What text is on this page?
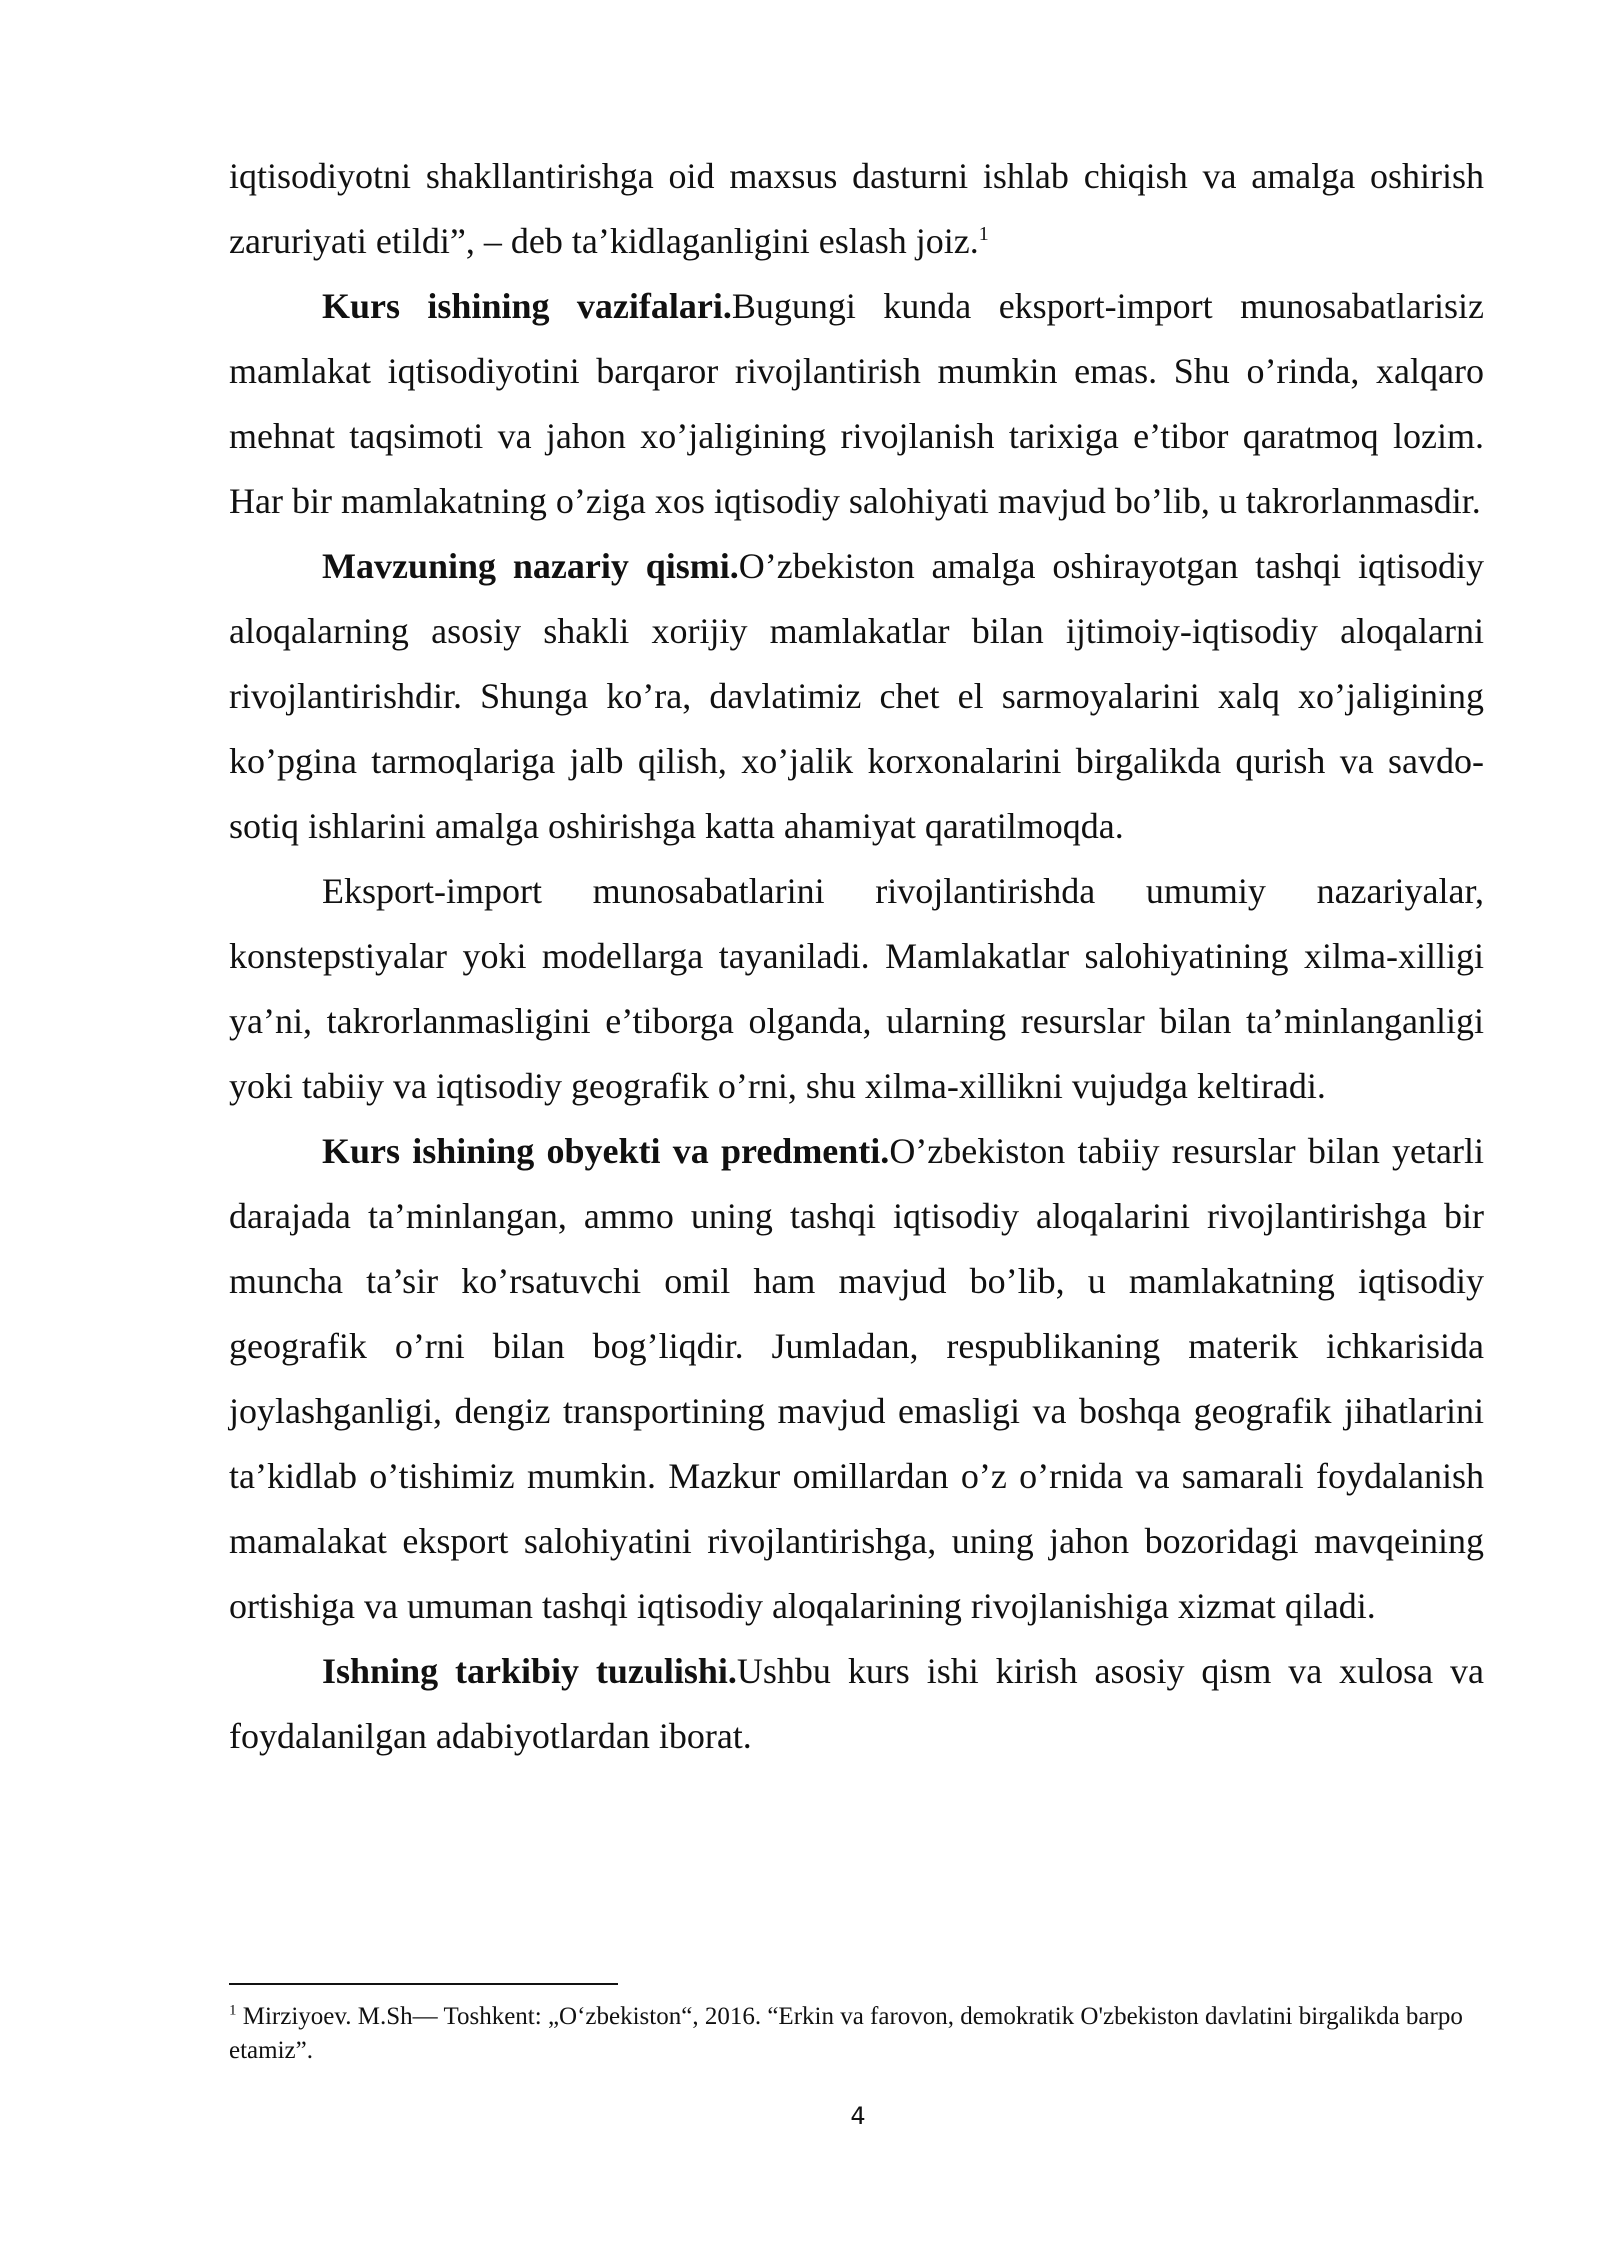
iqtisodiyotni shakllantirishga oid maxsus dasturni ishlab chiqish va amalga oshirish zaruriyati etildi”, – deb ta’kidlaganligini eslash joiz.$^1$

Kurs ishining vazifalari.Bugungi kunda eksport-import munosabatlarisiz mamlakat iqtisodiyotini barqaror rivojlantirish mumkin emas. Shu o’rinda, xalqaro mehnat taqsimoti va jahon xo’jaligining rivojlanish tarixiga e’tibor qaratmoq lozim. Har bir mamlakatning o’ziga xos iqtisodiy salohiyati mavjud bo’lib, u takrorlanmasdir.

Mavzuning nazariy qismi.O’zbekiston amalga oshirayotgan tashqi iqtisodiy aloqalarning asosiy shakli xorijiy mamlakatlar bilan ijtimoiy-iqtisodiy aloqalarni rivojlantirishdir. Shunga ko’ra, davlatimiz chet el sarmoyalarini xalq xo’jaligining ko’pgina tarmoqlariga jalb qilish, xo’jalik korxonalarini birgalikda qurish va savdo-sotiq ishlarini amalga oshirishga katta ahamiyat qaratilmoqda.

Eksport-import munosabatlarini rivojlantirishda umumiy nazariyalar, konstepstiyalar yoki modellarga tayaniladi. Mamlakatlar salohiyatining xilma-xilligi ya’ni, takrorlanmasligini e’tiborga olganda, ularning resurslar bilan ta’minlanganligi yoki tabiiy va iqtisodiy geografik o’rni, shu xilma-xillikni vujudga keltiradi.

Kurs ishining obyekti va predmenti.O’zbekiston tabiiy resurslar bilan yetarli darajada ta’minlangan, ammo uning tashqi iqtisodiy aloqalarini rivojlantirishga bir muncha ta’sir ko’rsatuvchi omil ham mavjud bo’lib, u mamlakatning iqtisodiy geografik o’rni bilan bog’liqdir. Jumladan, respublikaning materik ichkarisida joylashganligi, dengiz transportining mavjud emasligi va boshqa geografik jihatlarini ta’kidlab o’tishimiz mumkin. Mazkur omillardan o’z o’rnida va samarali foydalanish mamalakat eksport salohiyatini rivojlantirishga, uning jahon bozoridagi mavqeining ortishiga va umuman tashqi iqtisodiy aloqalarining rivojlanishiga xizmat qiladi.

Ishning tarkibiy tuzulishi.Ushbu kurs ishi kirish asosiy qism va xulosa va foydalanilgan adabiyotlardan iborat.

$^1$ Mirziyoev. M.Sh— Toshkent: „O‘zbekiston“, 2016. “Erkin va farovon, demokratik O'zbekiston davlatini birgalikda barpo etamiz”.
4
